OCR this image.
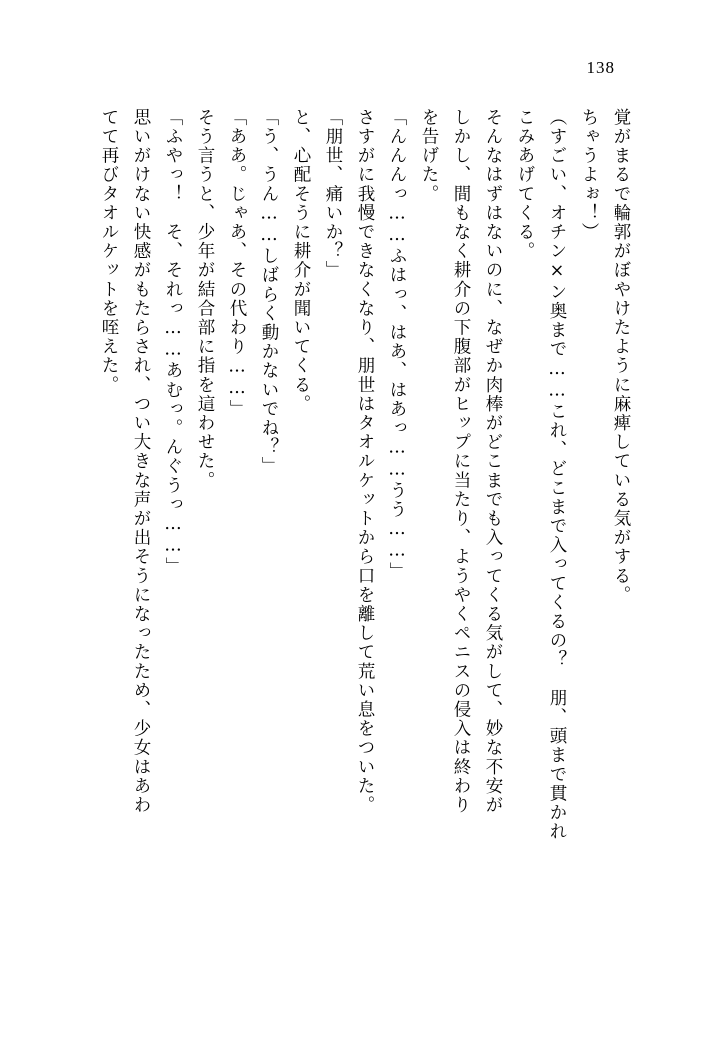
138

覚がまるで輪郭がぼやけたように麻痺している気がする。

ちゃうよぉ！）

（すごい、オチン×ン奥まで……これ、どこまで入ってくるの？　朋、頭まで貫かれ

こみあげてくる。

そんなはずはないのに、なぜか肉棒がどこまでも入ってくる気がして、妙な不安が

しかし、間もなく耕介の下腹部がヒップに当たり、ようやくペニスの侵入は終わり

を告げた。

「んんんっ……ふはっ、はあ、はあっ……うう……」

さすがに我慢できなくなり、朋世はタオルケットから口を離して荒い息をついた。

「朋世、痛いか？」

と、心配そうに耕介が聞いてくる。

「う、うん……しばらく動かないでね？」

「ああ。じゃあ、その代わり……」

そう言うと、少年が結合部に指を這わせた。

「ふやっ！　そ、それっ……あむっ。んぐうっ……」

思いがけない快感がもたらされ、つい大きな声が出そうになったため、少女はあわ

てて再びタオルケットを咥えた。
